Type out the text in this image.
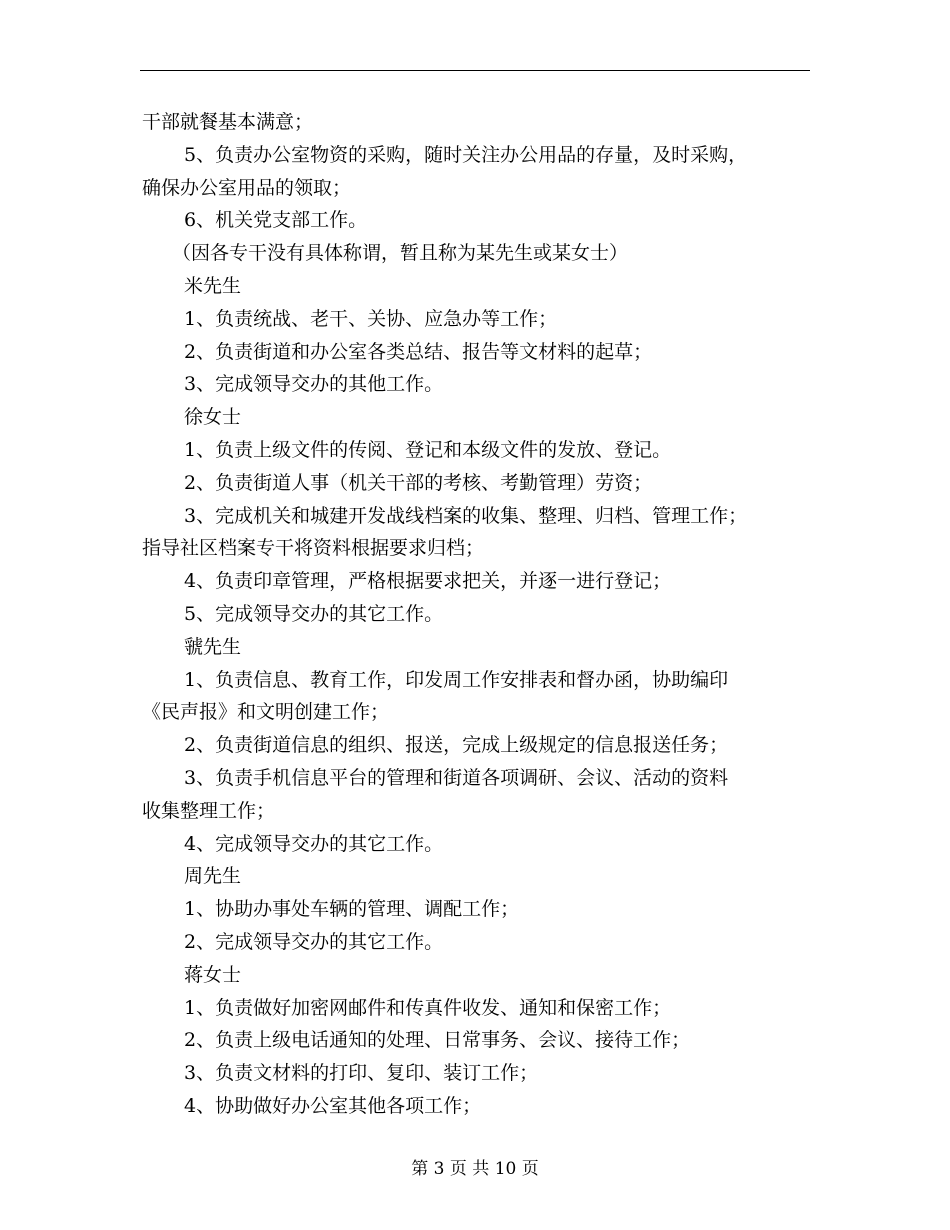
干部就餐基本满意；
5、负责办公室物资的采购，随时关注办公用品的存量，及时采购，
确保办公室用品的领取；
6、机关党支部工作。
（因各专干没有具体称谓，暂且称为某先生或某女士）
米先生
1、负责统战、老干、关协、应急办等工作；
2、负责街道和办公室各类总结、报告等文材料的起草；
3、完成领导交办的其他工作。
徐女士
1、负责上级文件的传阅、登记和本级文件的发放、登记。
2、负责街道人事（机关干部的考核、考勤管理）劳资；
3、完成机关和城建开发战线档案的收集、整理、归档、管理工作；
指导社区档案专干将资料根据要求归档；
4、负责印章管理，严格根据要求把关，并逐一进行登记；
5、完成领导交办的其它工作。
虢先生
1、负责信息、教育工作，印发周工作安排表和督办函，协助编印
《民声报》和文明创建工作；
2、负责街道信息的组织、报送，完成上级规定的信息报送任务；
3、负责手机信息平台的管理和街道各项调研、会议、活动的资料
收集整理工作；
4、完成领导交办的其它工作。
周先生
1、协助办事处车辆的管理、调配工作；
2、完成领导交办的其它工作。
蒋女士
1、负责做好加密网邮件和传真件收发、通知和保密工作；
2、负责上级电话通知的处理、日常事务、会议、接待工作；
3、负责文材料的打印、复印、装订工作；
4、协助做好办公室其他各项工作；
第 3 页 共 10 页
